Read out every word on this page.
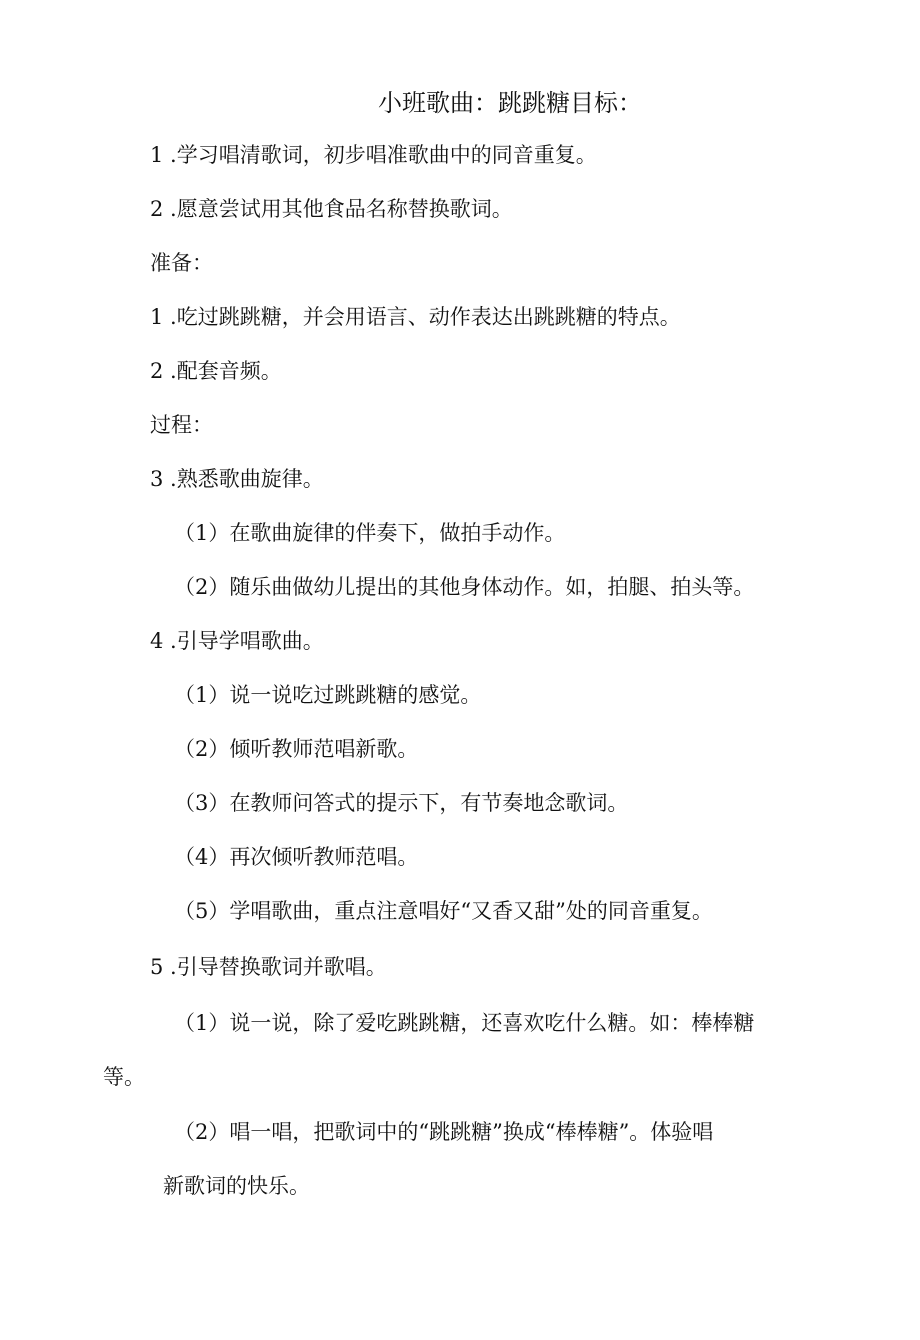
小班歌曲：跳跳糖目标：
1 .学习唱清歌词，初步唱准歌曲中的同音重复。
2 .愿意尝试用其他食品名称替换歌词。
准备：
1 .吃过跳跳糖，并会用语言、动作表达出跳跳糖的特点。
2 .配套音频。
过程：
3 .熟悉歌曲旋律。
（1）在歌曲旋律的伴奏下，做拍手动作。
（2）随乐曲做幼儿提出的其他身体动作。如，拍腿、拍头等。
4 .引导学唱歌曲。
（1）说一说吃过跳跳糖的感觉。
（2）倾听教师范唱新歌。
（3）在教师问答式的提示下，有节奏地念歌词。
（4）再次倾听教师范唱。
（5）学唱歌曲，重点注意唱好“又香又甜”处的同音重复。
5 .引导替换歌词并歌唱。
（1）说一说，除了爱吃跳跳糖，还喜欢吃什么糖。如：棒棒糖
等。
（2）唱一唱，把歌词中的“跳跳糖”换成“棒棒糖”。体验唱
新歌词的快乐。
